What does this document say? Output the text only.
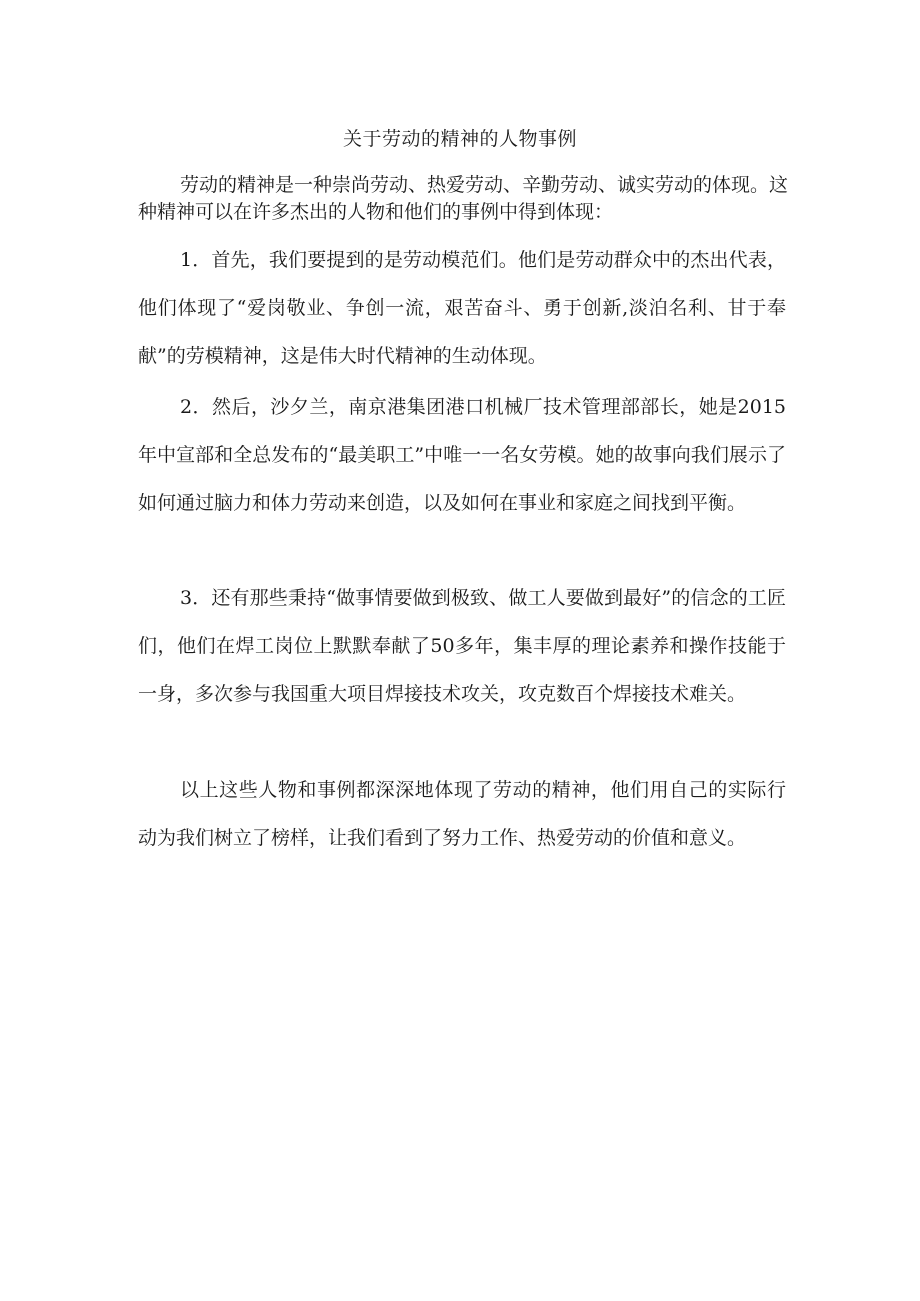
关于劳动的精神的人物事例

劳动的精神是一种崇尚劳动、热爱劳动、辛勤劳动、诚实劳动的体现。这种精神可以在许多杰出的人物和他们的事例中得到体现：

1．首先，我们要提到的是劳动模范们。他们是劳动群众中的杰出代表，他们体现了“爱岗敬业、争创一流，艰苦奋斗、勇于创新,淡泊名利、甘于奉献”的劳模精神，这是伟大时代精神的生动体现。

2．然后，沙夕兰，南京港集团港口机械厂技术管理部部长，她是2015年中宣部和全总发布的“最美职工”中唯一一名女劳模。她的故事向我们展示了如何通过脑力和体力劳动来创造，以及如何在事业和家庭之间找到平衡。

3．还有那些秉持“做事情要做到极致、做工人要做到最好”的信念的工匠们，他们在焊工岗位上默默奉献了50多年，集丰厚的理论素养和操作技能于一身，多次参与我国重大项目焊接技术攻关，攻克数百个焊接技术难关。

以上这些人物和事例都深深地体现了劳动的精神，他们用自己的实际行动为我们树立了榜样，让我们看到了努力工作、热爱劳动的价值和意义。
